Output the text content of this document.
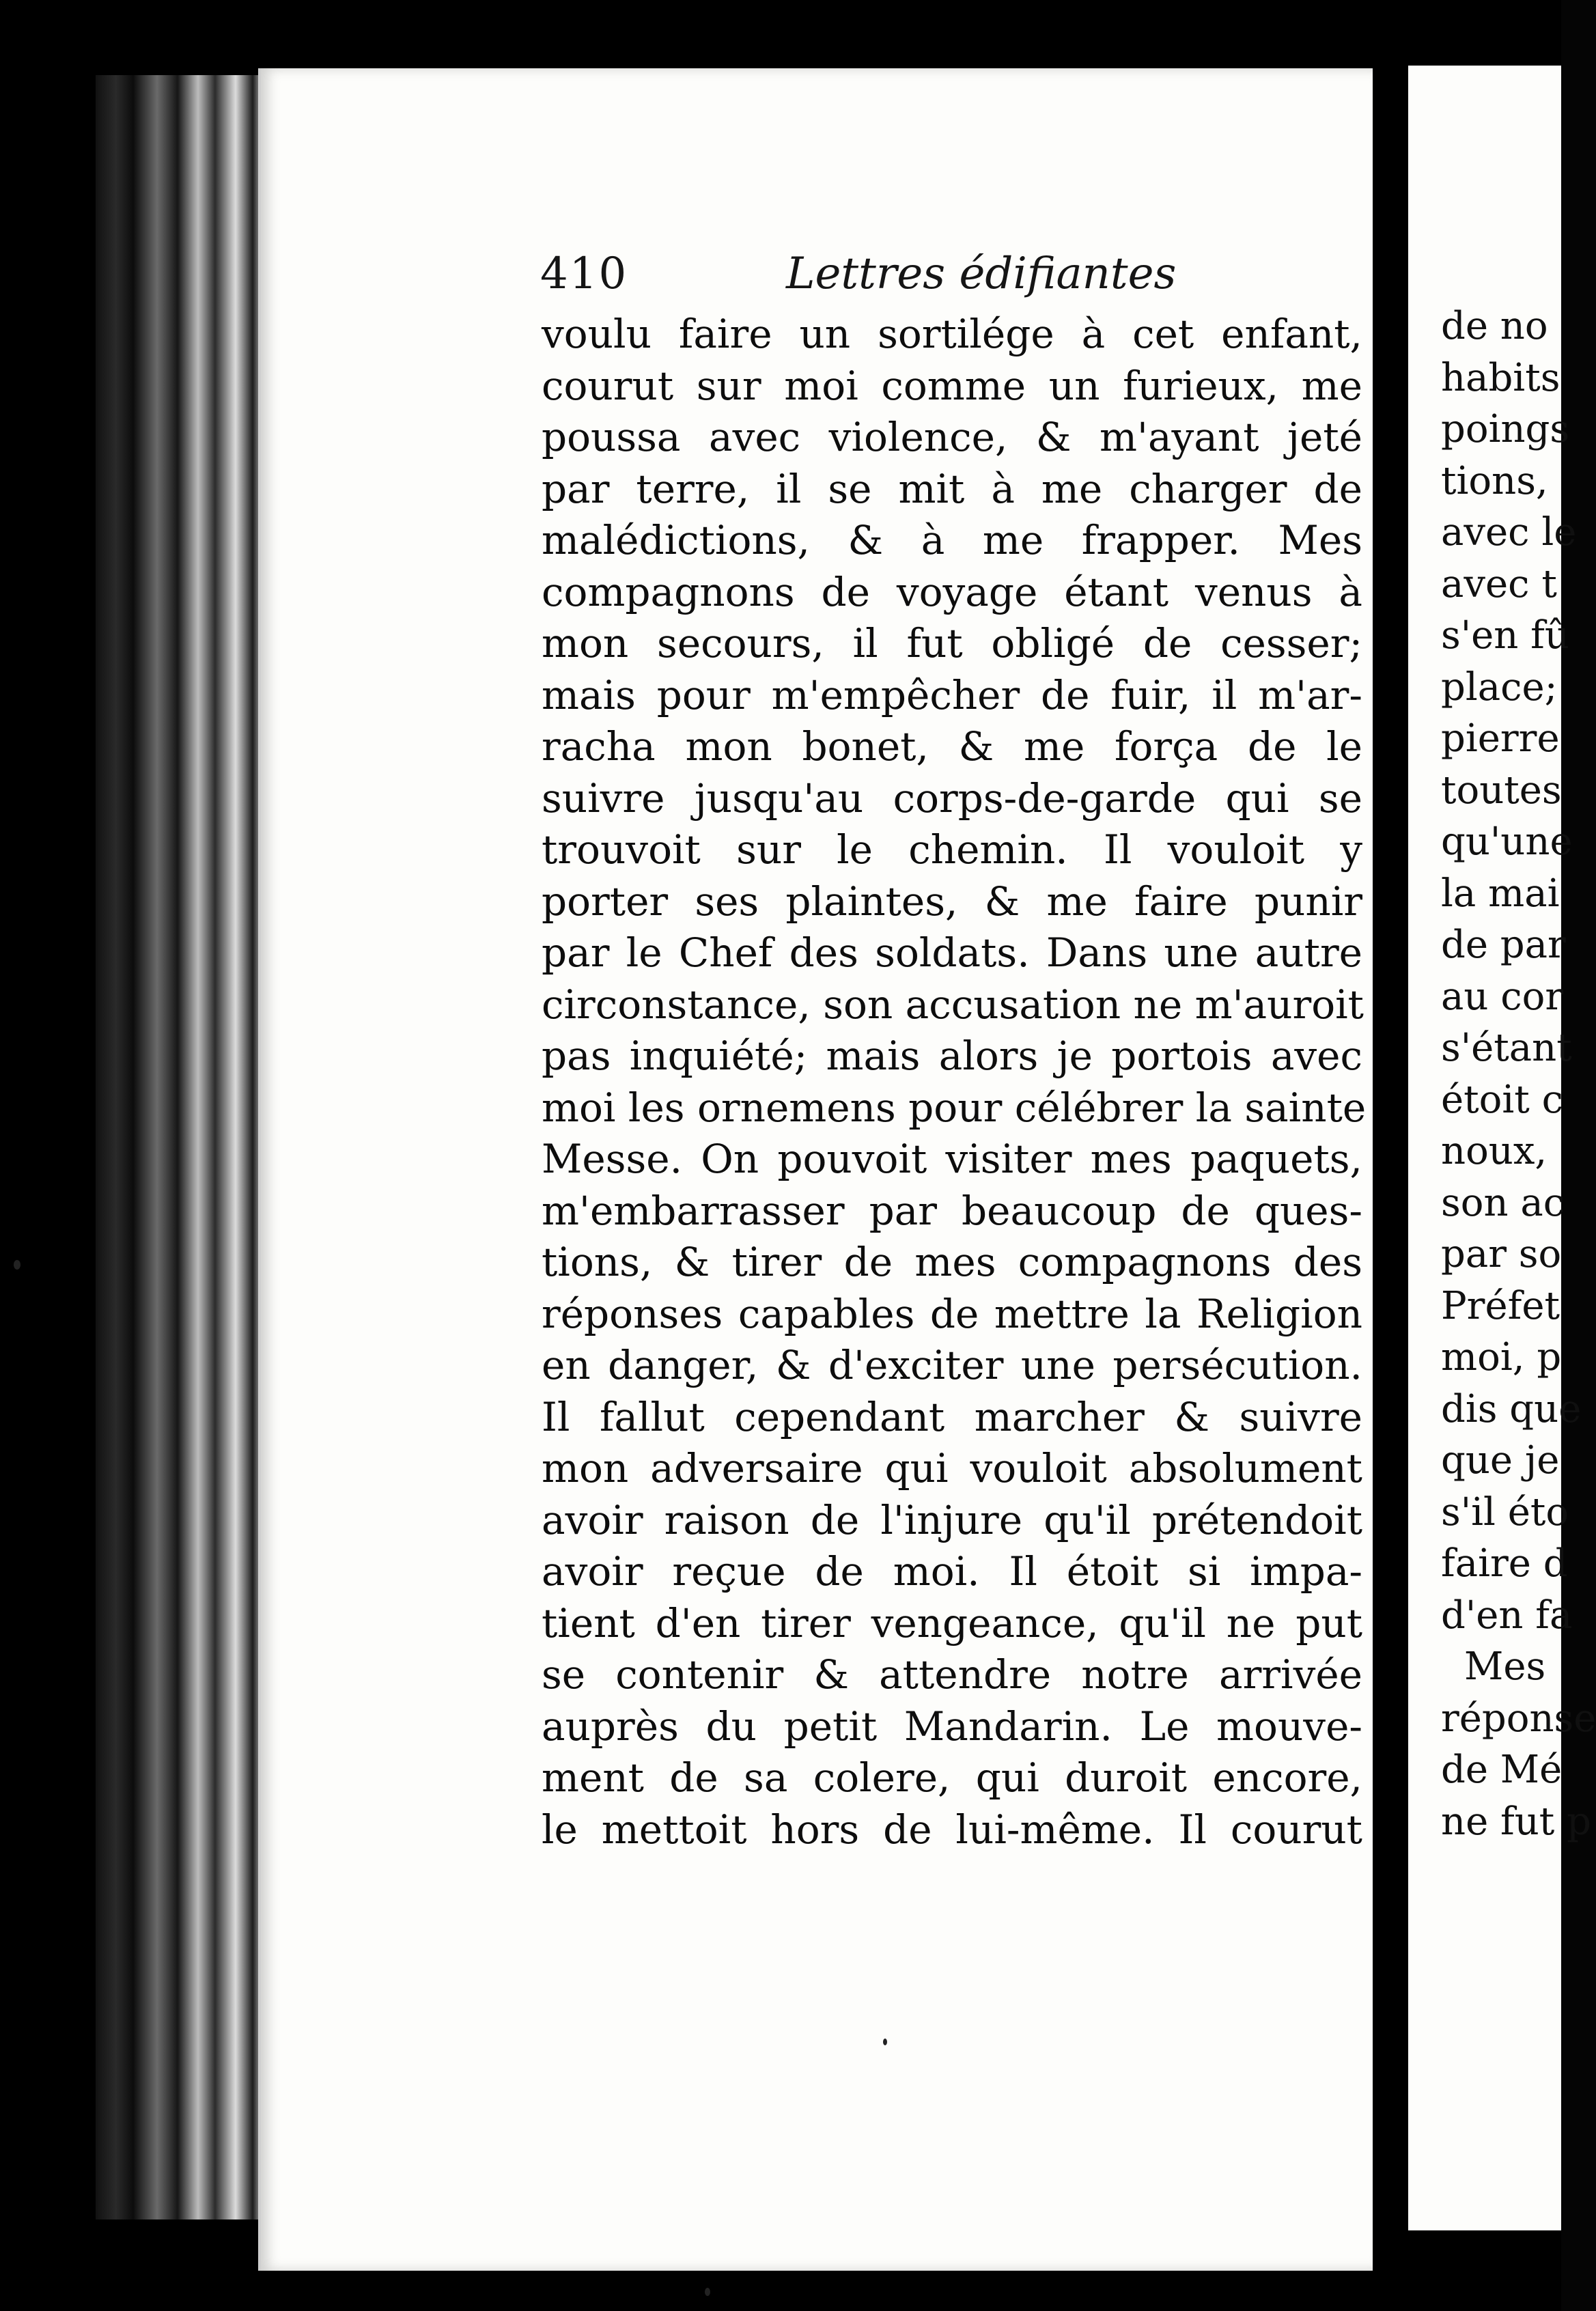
410	Lettres édifiantes
voulu faire un sortilége à cet enfant,
courut sur moi comme un furieux, me
poussa avec violence, & m'ayant jeté
par terre, il se mit à me charger de
malédictions, & à me frapper. Mes
compagnons de voyage étant venus à
mon secours, il fut obligé de cesser;
mais pour m'empêcher de fuir, il m'ar-
racha mon bonet, & me força de le
suivre jusqu'au corps-de-garde qui se
trouvoit sur le chemin. Il vouloit y
porter ses plaintes, & me faire punir
par le Chef des soldats. Dans une autre
circonstance, son accusation ne m'auroit
pas inquiété; mais alors je portois avec
moi les ornemens pour célébrer la sainte
Messe. On pouvoit visiter mes paquets,
m'embarrasser par beaucoup de ques-
tions, & tirer de mes compagnons des
réponses capables de mettre la Religion
en danger, & d'exciter une persécution.
Il fallut cependant marcher & suivre
mon adversaire qui vouloit absolument
avoir raison de l'injure qu'il prétendoit
avoir reçue de moi. Il étoit si impa-
tient d'en tirer vengeance, qu'il ne put
se contenir & attendre notre arrivée
auprès du petit Mandarin. Le mouve-
ment de sa colere, qui duroit encore,
le mettoit hors de lui-même. Il courut
de no
habits
poings
tions,
avec le
avec t
s'en fû
place;
pierre
toutes
qu'une
la mai
de par
au cor
s'étant
étoit c
noux,
son ac
par so
Préfet
moi, p
dis que
que je
s'il éto
faire d
d'en fa
Mes
réponse
de Mé
ne fut p
